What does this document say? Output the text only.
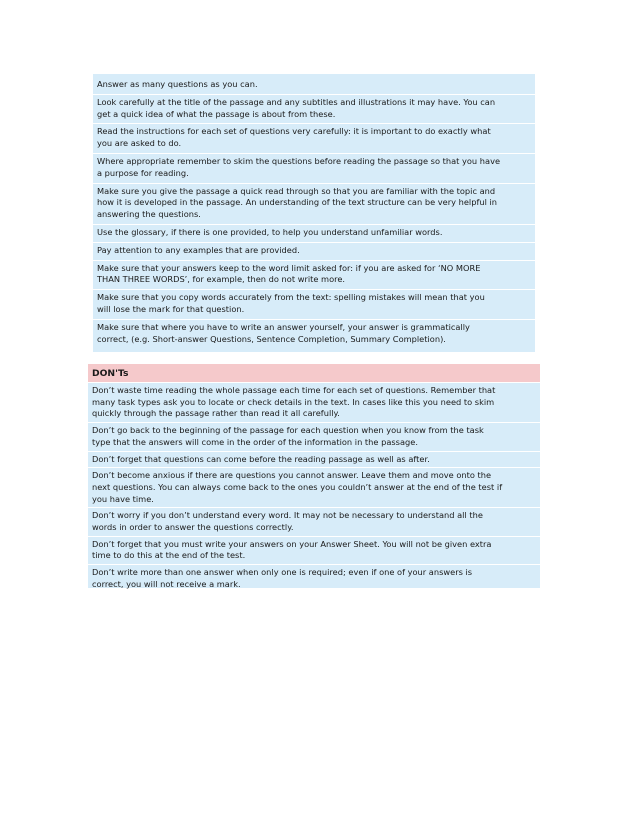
Answer as many questions as you can.
Look carefully at the title of the passage and any subtitles and illustrations it may have. You can
get a quick idea of what the passage is about from these.
Read the instructions for each set of questions very carefully: it is important to do exactly what
you are asked to do.
Where appropriate remember to skim the questions before reading the passage so that you have
a purpose for reading.
Make sure you give the passage a quick read through so that you are familiar with the topic and
how it is developed in the passage. An understanding of the text structure can be very helpful in
answering the questions.
Use the glossary, if there is one provided, to help you understand unfamiliar words.
Pay attention to any examples that are provided.
Make sure that your answers keep to the word limit asked for: if you are asked for ‘NO MORE
THAN THREE WORDS’, for example, then do not write more.
Make sure that you copy words accurately from the text: spelling mistakes will mean that you
will lose the mark for that question.
Make sure that where you have to write an answer yourself, your answer is grammatically
correct, (e.g. Short-answer Questions, Sentence Completion, Summary Completion).
DON'Ts
Don’t waste time reading the whole passage each time for each set of questions. Remember that
many task types ask you to locate or check details in the text. In cases like this you need to skim
quickly through the passage rather than read it all carefully.
Don’t go back to the beginning of the passage for each question when you know from the task
type that the answers will come in the order of the information in the passage.
Don’t forget that questions can come before the reading passage as well as after.
Don’t become anxious if there are questions you cannot answer. Leave them and move onto the
next questions. You can always come back to the ones you couldn’t answer at the end of the test if
you have time.
Don’t worry if you don’t understand every word. It may not be necessary to understand all the
words in order to answer the questions correctly.
Don’t forget that you must write your answers on your Answer Sheet. You will not be given extra
time to do this at the end of the test.
Don’t write more than one answer when only one is required; even if one of your answers is
correct, you will not receive a mark.
